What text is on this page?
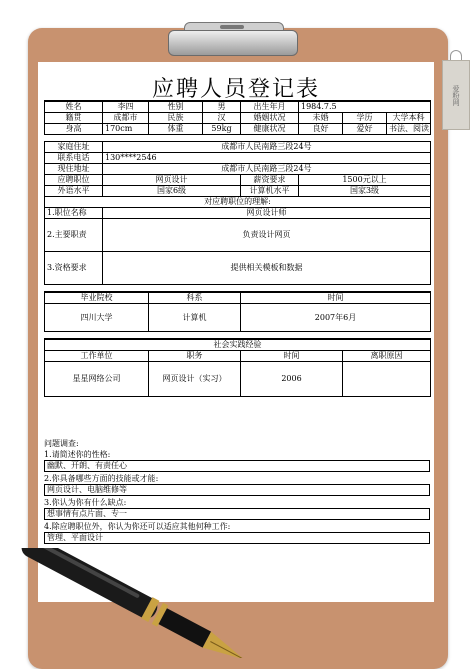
爱粉网
应聘人员登记表
姓名	李四	性别	男	出生年月	1984.7.5		
籍贯	成都市	民族	汉	婚姻状况	未婚	学历	大学本科
身高	170cm	体重	59kg	健康状况	良好	爱好	书法、阅读

家庭住址	成都市人民南路三段24号						
联系电话	130****2546						
现住地址	成都市人民南路三段24号						
应聘职位	网页设计			薪资要求	1500元以上		
外语水平	国家6级			计算机水平	国家3级		
对应聘职位的理解:							
1.职位名称	网页设计师						
2.主要职责	负责设计网页						
3.资格要求	提供相关模板和数据						

毕业院校		科系		时间			
四川大学		计算机		2007年6月			

社会实践经验							
工作单位		职务		时间		离职原因	
星星网络公司		网页设计（实习）		2006			
问题调查:
1.请简述你的性格:
幽默、开朗、有责任心
2.你具备哪些方面的技能或才能:
网页设计、电脑维修等
3.你认为你有什么缺点:
想事情有点片面、专一
4.除应聘职位外，你认为你还可以适应其他何种工作:
管理、平面设计
